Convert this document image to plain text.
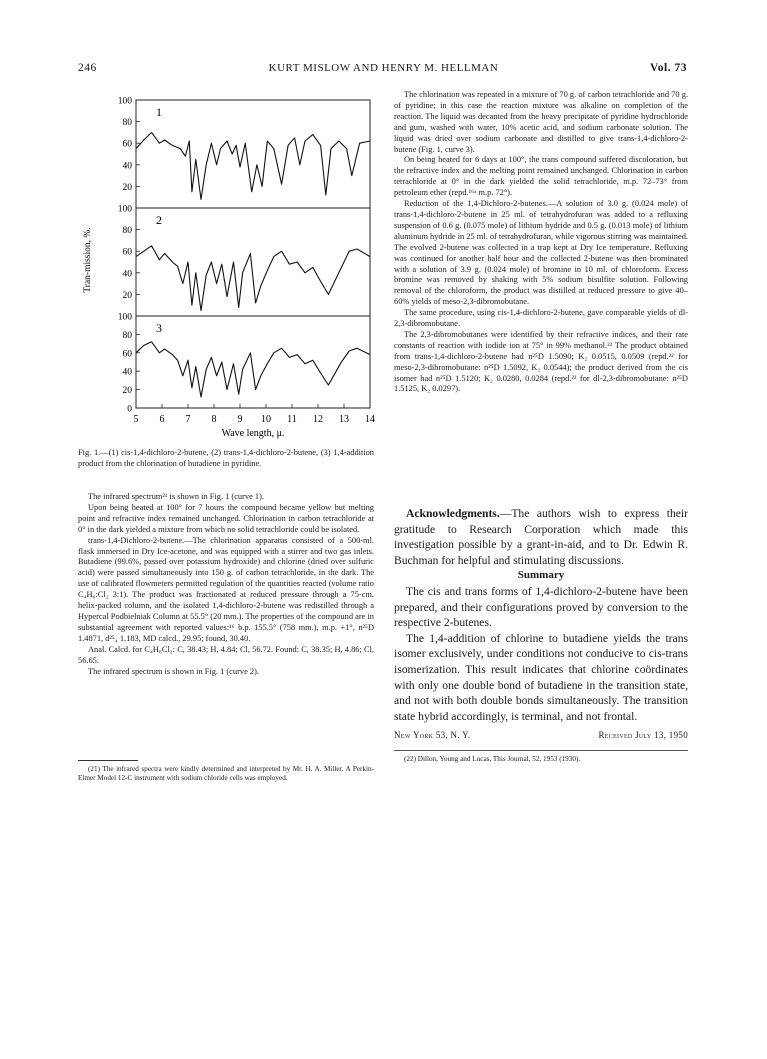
246	KURT MISLOW AND HENRY M. HELLMAN	Vol. 73
Tran-mission, %.
100
80
60
40
20
1
100
80
60
40
20
2
100
80
60
40
20
0
3
5 6 7 8 9 10 11 12 13 14
Wave length, μ.

Fig. 1.—(1) cis-1,4-dichloro-2-butene, (2) trans-1,4-dichloro-2-butene, (3) 1,4-addition product from the chlorination of butadiene in pyridine.

The infrared spectrum²¹ is shown in Fig. 1 (curve 1).

Upon being heated at 100° for 7 hours the compound became yellow but melting point and refractive index remained unchanged. Chlorination in carbon tetrachloride at 0° in the dark yielded a mixture from which no solid tetrachloride could be isolated.

trans-1,4-Dichloro-2-butene.—The chlorination apparatus consisted of a 500-ml. flask immersed in Dry Ice-acetone, and was equipped with a stirrer and two gas inlets. Butadiene (99.6%, passed over potassium hydroxide) and chlorine (dried over sulfuric acid) were passed simultaneously into 150 g. of carbon tetrachloride, in the dark. The use of calibrated flowmeters permitted regulation of the quantities reacted (volume ratio C₄H₆:Cl₂ 3:1). The product was fractionated at reduced pressure through a 75-cm. helix-packed column, and the isolated 1,4-dichloro-2-butene was redistilled through a Hypercal Podbielniak Column at 55.5° (20 mm.). The properties of the compound are in substantial agreement with reported values:¹⁶ b.p. 155.5° (758 mm.), m.p. +1°, n²⁵D 1.4871, d²⁵₄ 1.183, MD calcd., 29.95; found, 30.40.

Anal. Calcd. for C₄H₆Cl₂: C, 38.43; H, 4.84; Cl, 56.72. Found: C, 38.35; H, 4.86; Cl, 56.65.

The infrared spectrum is shown in Fig. 1 (curve 2).

(21) The infrared spectra were kindly determined and interpreted by Mr. H. A. Miller. A Perkin-Elmer Model 12-C instrument with sodium chloride cells was employed.

The chlorination was repeated in a mixture of 70 g. of carbon tetrachloride and 70 g. of pyridine; in this case the reaction mixture was alkaline on completion of the reaction. The liquid was decanted from the heavy precipitate of pyridine hydrochloride and gum, washed with water, 10% acetic acid, and sodium carbonate solution. The liquid was dried over sodium carbonate and distilled to give trans-1,4-dichloro-2-butene (Fig. 1, curve 3).

On being heated for 6 days at 100°, the trans compound suffered discoloration, but the refractive index and the melting point remained unchanged. Chlorination in carbon tetrachloride at 0° in the dark yielded the solid tetrachloride, m.p. 72–73° from petroleum ether (repd.¹⁶ᵃ m.p. 72°).

Reduction of the 1,4-Dichloro-2-butenes.—A solution of 3.0 g. (0.024 mole) of trans-1,4-dichloro-2-butene in 25 ml. of tetrahydrofuran was added to a refluxing suspension of 0.6 g. (0.075 mole) of lithium hydride and 0.5 g. (0.013 mole) of lithium aluminum hydride in 25 ml. of tetrahydrofuran, while vigorous stirring was maintained. The evolved 2-butene was collected in a trap kept at Dry Ice temperature. Refluxing was continued for another half hour and the collected 2-butene was then brominated with a solution of 3.9 g. (0.024 mole) of bromine in 10 ml. of chloroform. Excess bromine was removed by shaking with 5% sodium bisulfite solution. Following removal of the chloroform, the product was distilled at reduced pressure to give 40–60% yields of meso-2,3-dibromobutane.

The same procedure, using cis-1,4-dichloro-2-butene, gave comparable yields of dl-2,3-dibromobutane.

The 2,3-dibromobutanes were identified by their refractive indices, and their rate constants of reaction with iodide ion at 75° in 99% methanol.²² The product obtained from trans-1,4-dichloro-2-butene had n²⁵D 1.5090; K₂ 0.0515, 0.0509 (repd.²² for meso-2,3-dibromobutane: n²⁵D 1.5092, K₂ 0.0544); the product derived from the cis isomer had n²⁵D 1.5120; K₂ 0.0280, 0.0284 (repd.²² for dl-2,3-dibromobutane: n²⁵D 1.5125, K₂ 0.0297).

Acknowledgments.—The authors wish to express their gratitude to Research Corporation which made this investigation possible by a grant-in-aid, and to Dr. Edwin R. Buchman for helpful and stimulating discussions.

Summary

The cis and trans forms of 1,4-dichloro-2-butene have been prepared, and their configurations proved by conversion to the respective 2-butenes.

The 1,4-addition of chlorine to butadiene yields the trans isomer exclusively, under conditions not conducive to cis-trans isomerization. This result indicates that chlorine coördinates with only one double bond of butadiene in the transition state, and not with both double bonds simultaneously. The transition state hybrid accordingly, is terminal, and not frontal.

New York 53, N. Y.	Received July 13, 1950

(22) Dillon, Young and Lucas, This Journal, 52, 1953 (1930).
